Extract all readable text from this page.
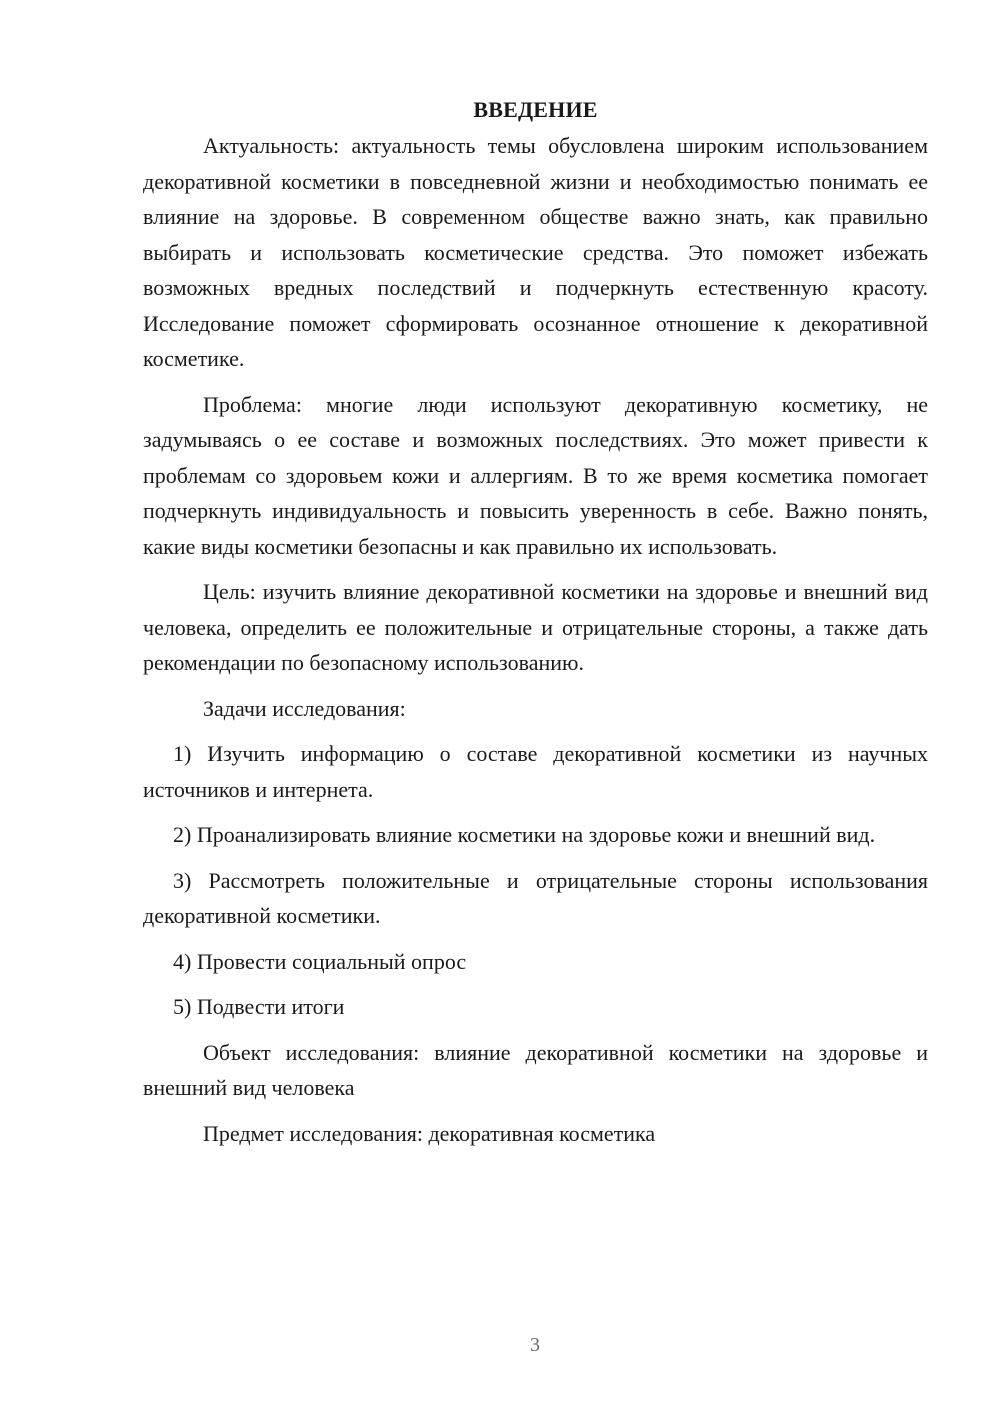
ВВЕДЕНИЕ

Актуальность: актуальность темы обусловлена широким использованием декоративной косметики в повседневной жизни и необходимостью понимать ее влияние на здоровье. В современном обществе важно знать, как правильно выбирать и использовать косметические средства. Это поможет избежать возможных вредных последствий и подчеркнуть естественную красоту. Исследование поможет сформировать осознанное отношение к декоративной косметике.

Проблема: многие люди используют декоративную косметику, не задумываясь о ее составе и возможных последствиях. Это может привести к проблемам со здоровьем кожи и аллергиям. В то же время косметика помогает подчеркнуть индивидуальность и повысить уверенность в себе. Важно понять, какие виды косметики безопасны и как правильно их использовать.

Цель: изучить влияние декоративной косметики на здоровье и внешний вид человека, определить ее положительные и отрицательные стороны, а также дать рекомендации по безопасному использованию.

Задачи исследования:

1) Изучить информацию о составе декоративной косметики из научных источников и интернета.

2) Проанализировать влияние косметики на здоровье кожи и внешний вид.

3) Рассмотреть положительные и отрицательные стороны использования декоративной косметики.

4) Провести социальный опрос

5) Подвести итоги

Объект исследования: влияние декоративной косметики на здоровье и внешний вид человека

Предмет исследования: декоративная косметика

3
